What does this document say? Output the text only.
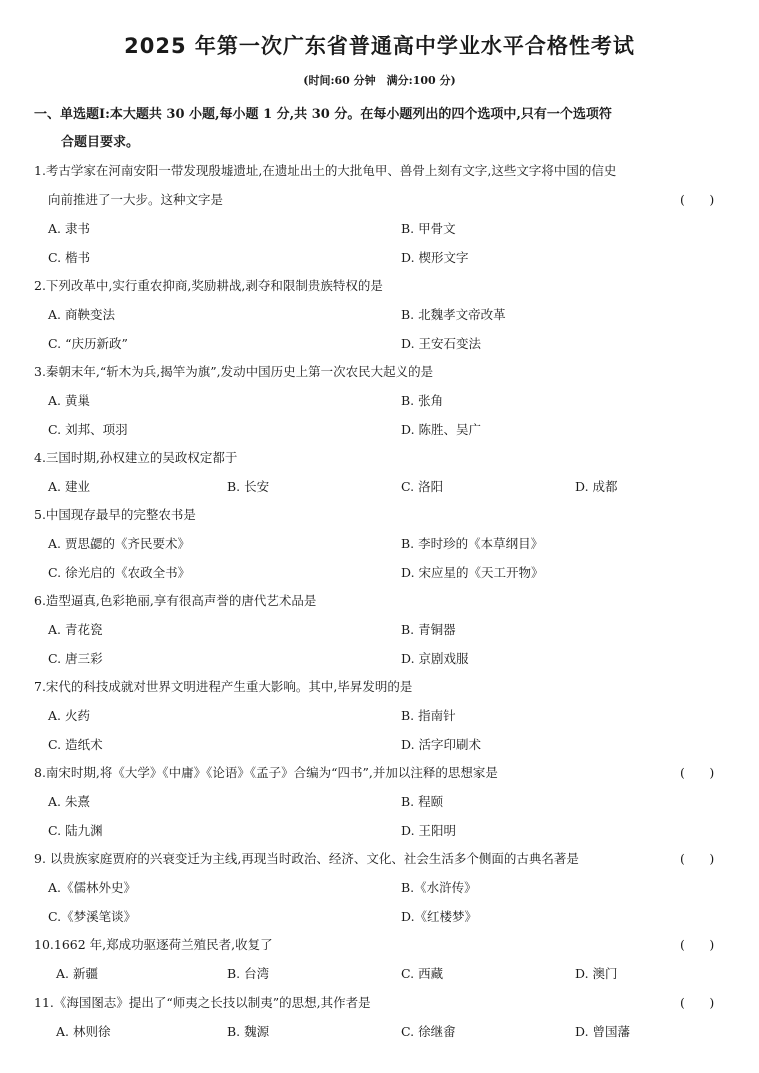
2025 年第一次广东省普通高中学业水平合格性考试
(时间:60 分钟　满分:100 分)
一、单选题Ⅰ:本大题共 30 小题,每小题 1 分,共 30 分。在每小题列出的四个选项中,只有一个选项符
合题目要求。
1.考古学家在河南安阳一带发现殷墟遗址,在遗址出土的大批龟甲、兽骨上刻有文字,这些文字将中国的信史
向前推进了一大步。这种文字是	(　)
A. 隶书	B. 甲骨文
C. 楷书	D. 楔形文字
2.下列改革中,实行重农抑商,奖励耕战,剥夺和限制贵族特权的是
A. 商鞅变法	B. 北魏孝文帝改革
C. “庆历新政”	D. 王安石变法
3.秦朝末年,“斩木为兵,揭竿为旗”,发动中国历史上第一次农民大起义的是
A. 黄巢	B. 张角
C. 刘邦、项羽	D. 陈胜、吴广
4.三国时期,孙权建立的吴政权定都于
A. 建业	B. 长安	C. 洛阳	D. 成都
5.中国现存最早的完整农书是
A. 贾思勰的《齐民要术》	B. 李时珍的《本草纲目》
C. 徐光启的《农政全书》	D. 宋应星的《天工开物》
6.造型逼真,色彩艳丽,享有很高声誉的唐代艺术品是
A. 青花瓷	B. 青铜器
C. 唐三彩	D. 京剧戏服
7.宋代的科技成就对世界文明进程产生重大影响。其中,毕昇发明的是
A. 火药	B. 指南针
C. 造纸术	D. 活字印刷术
8.南宋时期,将《大学》《中庸》《论语》《孟子》合编为“四书”,并加以注释的思想家是	(　)
A. 朱熹	B. 程颐
C. 陆九渊	D. 王阳明
9. 以贵族家庭贾府的兴衰变迁为主线,再现当时政治、经济、文化、社会生活多个侧面的古典名著是	(　)
A.《儒林外史》	B.《水浒传》
C.《梦溪笔谈》	D.《红楼梦》
10.1662 年,郑成功驱逐荷兰殖民者,收复了	(　)
A. 新疆	B. 台湾	C. 西藏	D. 澳门
11.《海国图志》提出了“师夷之长技以制夷”的思想,其作者是	(　)
A. 林则徐	B. 魏源	C. 徐继畬	D. 曾国藩
